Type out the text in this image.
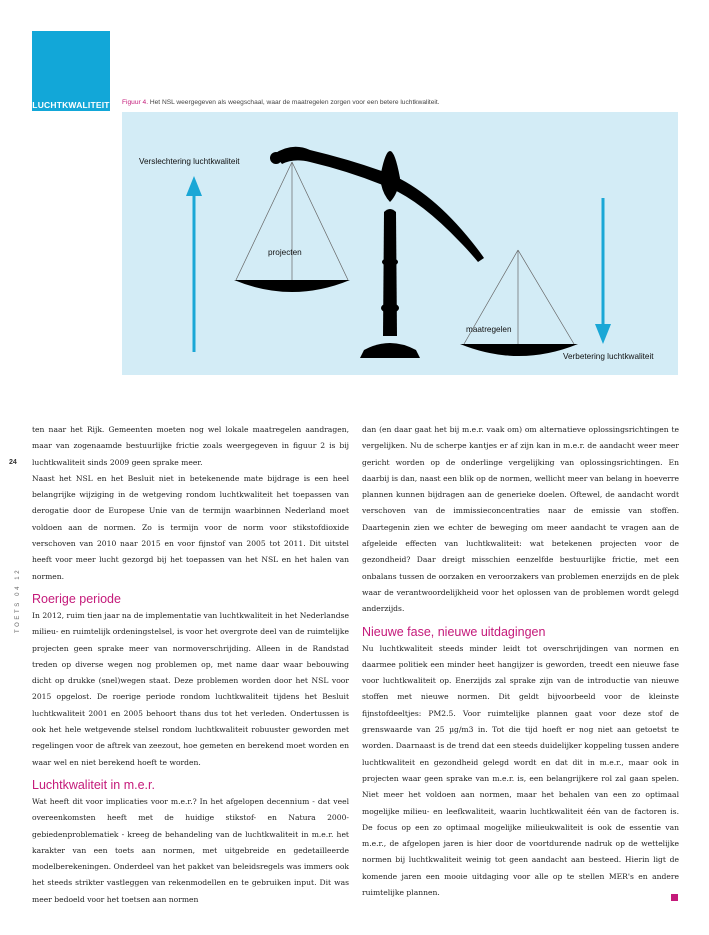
LUCHTKWALITEIT Figuur 4. Het NSL weergegeven als weegschaal, waar de maatregelen zorgen voor een betere luchtkwaliteit.
Verslechtering luchtkwaliteit
projecten
maatregelen
Verbetering luchtkwaliteit
24
TOETS 04 12

ten naar het Rijk. Gemeenten moeten nog wel lokale maatregelen aandragen, maar van zogenaamde bestuurlijke frictie zoals weergegeven in figuur 2 is bij luchtkwaliteit sinds 2009 geen sprake meer.

Naast het NSL en het Besluit niet in betekenende mate bijdrage is een heel belangrijke wijziging in de wetgeving rondom luchtkwaliteit het toepassen van derogatie door de Europese Unie van de termijn waarbinnen Nederland moet voldoen aan de normen. Zo is termijn voor de norm voor stikstofdioxide verschoven van 2010 naar 2015 en voor fijnstof van 2005 tot 2011. Dit uitstel heeft voor meer lucht gezorgd bij het toepassen van het NSL en het halen van normen.

Roerige periode

In 2012, ruim tien jaar na de implementatie van luchtkwaliteit in het Nederlandse milieu- en ruimtelijk ordeningstelsel, is voor het overgrote deel van de ruimtelijke projecten geen sprake meer van normoverschrijding. Alleen in de Randstad treden op diverse wegen nog problemen op, met name daar waar bebouwing dicht op drukke (snel)wegen staat. Deze problemen worden door het NSL voor 2015 opgelost. De roerige periode rondom luchtkwaliteit tijdens het Besluit luchtkwaliteit 2001 en 2005 behoort thans dus tot het verleden. Ondertussen is ook het hele wetgevende stelsel rondom luchtkwaliteit robuuster geworden met regelingen voor de aftrek van zeezout, hoe gemeten en berekend moet worden en waar wel en niet berekend hoeft te worden.

Luchtkwaliteit in m.e.r.

Wat heeft dit voor implicaties voor m.e.r.? In het afgelopen decennium - dat veel overeenkomsten heeft met de huidige stikstof- en Natura 2000-gebiedenproblematiek - kreeg de behandeling van de luchtkwaliteit in m.e.r. het karakter van een toets aan normen, met uitgebreide en gedetailleerde modelberekeningen. Onderdeel van het pakket van beleidsregels was immers ook het steeds strikter vastleggen van rekenmodellen en te gebruiken input. Dit was meer bedoeld voor het toetsen aan normen

dan (en daar gaat het bij m.e.r. vaak om) om alternatieve oplossingsrichtingen te vergelijken. Nu de scherpe kantjes er af zijn kan in m.e.r. de aandacht weer meer gericht worden op de onderlinge vergelijking van oplossingsrichtingen. En daarbij is dan, naast een blik op de normen, wellicht meer van belang in hoeverre plannen kunnen bijdragen aan de generieke doelen. Oftewel, de aandacht wordt verschoven van de immissieconcentraties naar de emissie van stoffen. Daartegenin zien we echter de beweging om meer aandacht te vragen aan de afgeleide effecten van luchtkwaliteit: wat betekenen projecten voor de gezondheid? Daar dreigt misschien eenzelfde bestuurlijke frictie, met een onbalans tussen de oorzaken en veroorzakers van problemen enerzijds en de plek waar de verantwoordelijkheid voor het oplossen van de problemen wordt gelegd anderzijds.

Nieuwe fase, nieuwe uitdagingen

Nu luchtkwaliteit steeds minder leidt tot overschrijdingen van normen en daarmee politiek een minder heet hangijzer is geworden, treedt een nieuwe fase voor luchtkwaliteit op. Enerzijds zal sprake zijn van de introductie van nieuwe stoffen met nieuwe normen. Dit geldt bijvoorbeeld voor de kleinste fijnstofdeeltjes: PM2.5. Voor ruimtelijke plannen gaat voor deze stof de grenswaarde van 25 µg/m3 in. Tot die tijd hoeft er nog niet aan getoetst te worden. Daarnaast is de trend dat een steeds duidelijker koppeling tussen andere luchtkwaliteit en gezondheid gelegd wordt en dat dit in m.e.r., maar ook in projecten waar geen sprake van m.e.r. is, een belangrijkere rol zal gaan spelen. Niet meer het voldoen aan normen, maar het behalen van een zo optimaal mogelijke milieu- en leefkwaliteit, waarin luchtkwaliteit één van de factoren is. De focus op een zo optimaal mogelijke milieukwaliteit is ook de essentie van m.e.r., de afgelopen jaren is hier door de voortdurende nadruk op de wettelijke normen bij luchtkwaliteit weinig tot geen aandacht aan besteed. Hierin ligt de komende jaren een mooie uitdaging voor alle op te stellen MER's en andere ruimtelijke plannen.
